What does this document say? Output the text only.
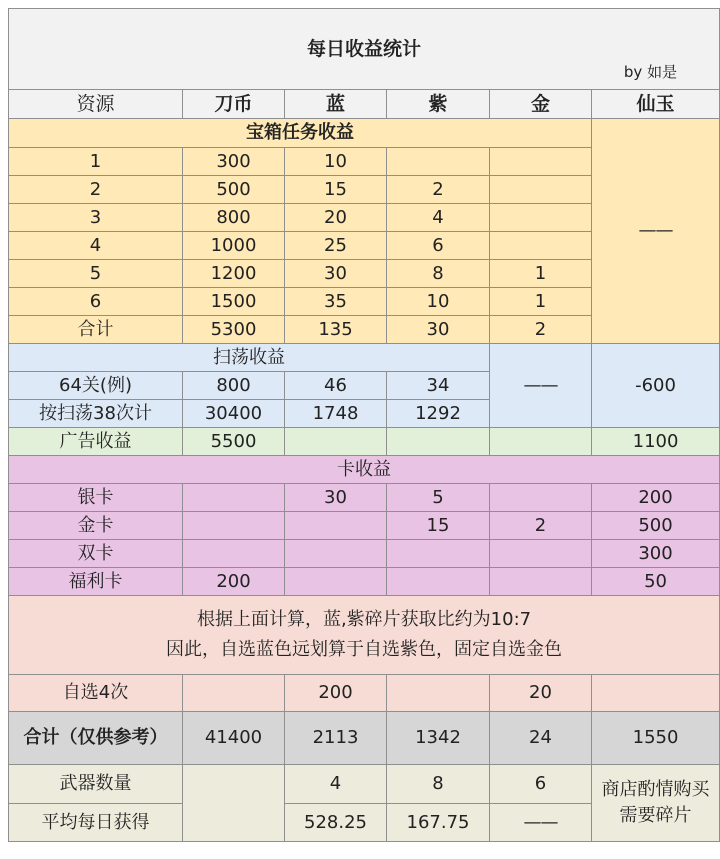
每日收益统计
by 如是					

资源	刀币	蓝	紫	金	仙玉
宝箱任务收益					——
1	300	10			
2	500	15	2		
3	800	20	4		
4	1000	25	6		
5	1200	30	8	1	
6	1500	35	10	1	
合计	5300	135	30	2	
扫荡收益				——	-600
64关(例)	800	46	34		
按扫荡38次计	30400	1748	1292		
广告收益	5500				1100
卡收益					
银卡		30	5		200
金卡			15	2	500
双卡					300
福利卡	200				50

根据上面计算，蓝,紫碎片获取比约为10:7
因此，自选蓝色远划算于自选紫色，固定自选金色					

自选4次		200		20	
合计（仅供参考）	41400	2113	1342	24	1550
武器数量		4	8	6	商店酌情购买需要碎片
平均每日获得		528.25	167.75	——	
